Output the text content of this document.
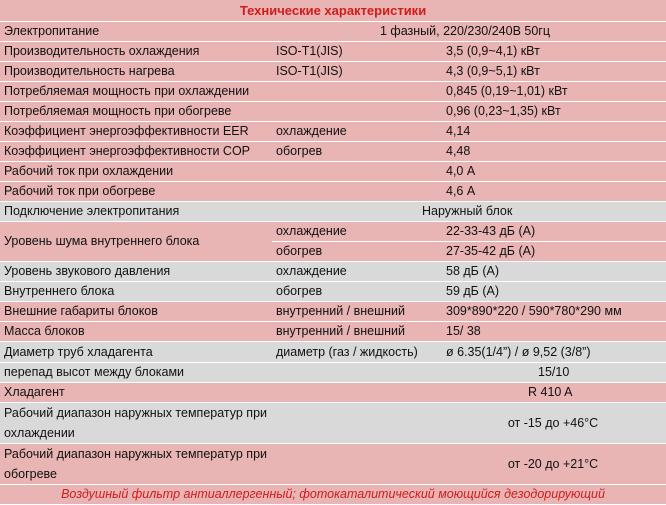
Технические характеристики		
Электропитание	1 фазный, 220/230/240В 50гц	
Производительность охлаждения	ISO-T1(JIS)	3,5 (0,9~4,1) кВт
Производительность нагрева	ISO-T1(JIS)	4,3 (0,9~5,1) кВт
Потребляемая мощность при охлаждении		0,845 (0,19~1,01) кВт
Потребляемая мощность при обогреве		0,96 (0,23~1,35) кВт
Коэффициент энергоэффективности EER	охлаждение	4,14
Коэффициент энергоэффективности COP	обогрев	4,48
Рабочий ток при охлаждении		4,0 А
Рабочий ток при обогреве		4,6 А
Подключение электропитания	Наружный блок	
Уровень шума внутреннего блока	охлаждение	22-33-43 дБ (А)
	обогрев	27-35-42 дБ (А)
Уровень звукового давления	охлаждение	58 дБ (А)
Внутреннего блока	обогрев	59 дБ (А)
Внешние габариты блоков	внутренний / внешний	309*890*220 / 590*780*290 мм
Масса блоков	внутренний / внешний	15/ 38
Диаметр труб хладагента	диаметр (газ / жидкость)	ø 6.35(1/4”) / ø 9,52 (3/8”)
перепад высот между блоками	15/10	
Хладагент	R 410 A	
Рабочий диапазон наружных температур при охлаждении		от -15 до +46°C
Рабочий диапазон наружных температур при обогреве		от -20 до +21°C
Воздушный фильтр антиаллергенный; фотокаталитический моющийся дезодорирующий		
